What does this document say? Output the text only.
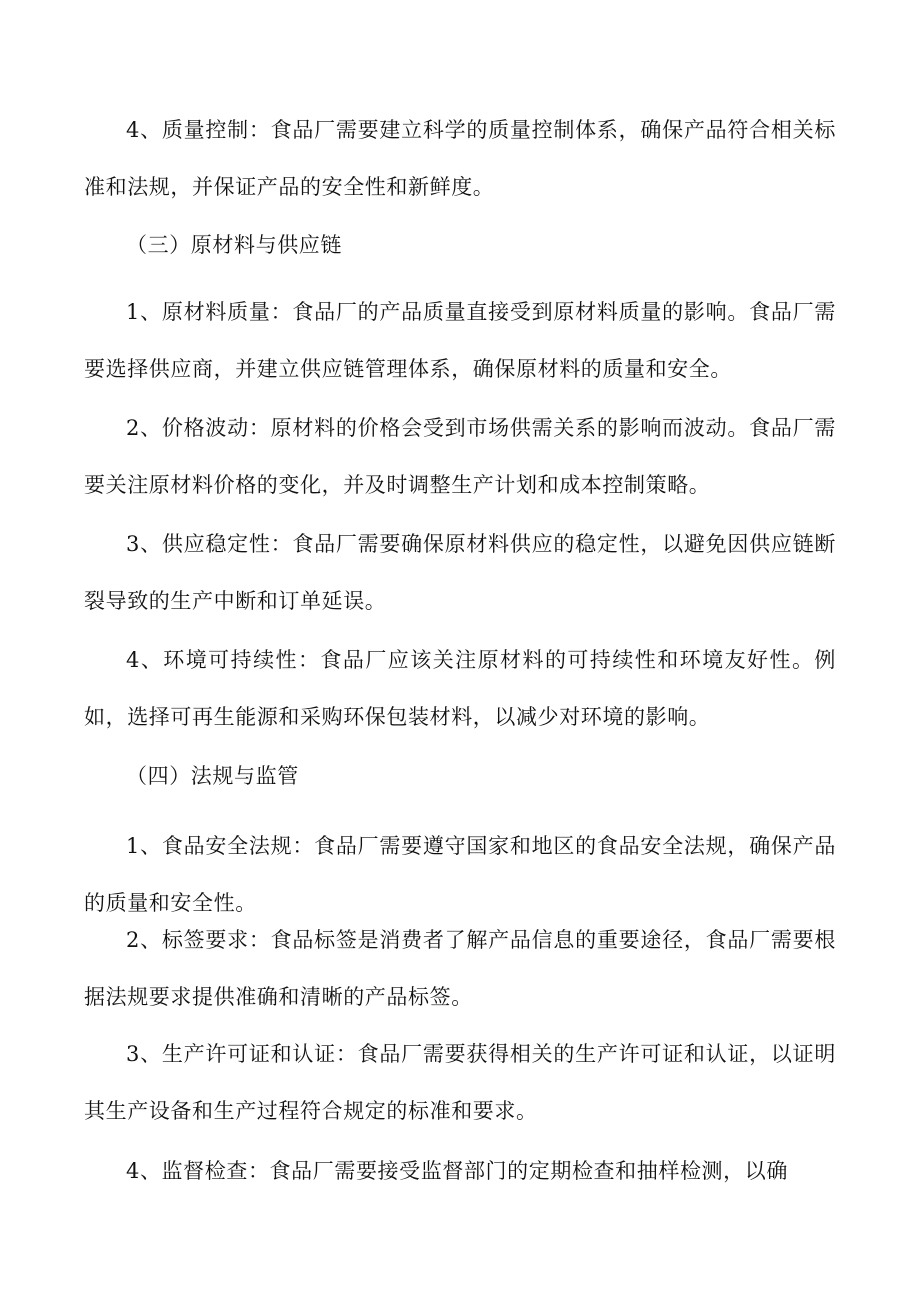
4、质量控制：食品厂需要建立科学的质量控制体系，确保产品符合相关标准和法规，并保证产品的安全性和新鲜度。

（三）原材料与供应链

1、原材料质量：食品厂的产品质量直接受到原材料质量的影响。食品厂需要选择供应商，并建立供应链管理体系，确保原材料的质量和安全。

2、价格波动：原材料的价格会受到市场供需关系的影响而波动。食品厂需要关注原材料价格的变化，并及时调整生产计划和成本控制策略。

3、供应稳定性：食品厂需要确保原材料供应的稳定性，以避免因供应链断裂导致的生产中断和订单延误。

4、环境可持续性：食品厂应该关注原材料的可持续性和环境友好性。例如，选择可再生能源和采购环保包装材料，以减少对环境的影响。

（四）法规与监管

1、食品安全法规：食品厂需要遵守国家和地区的食品安全法规，确保产品的质量和安全性。

2、标签要求：食品标签是消费者了解产品信息的重要途径，食品厂需要根据法规要求提供准确和清晰的产品标签。

3、生产许可证和认证：食品厂需要获得相关的生产许可证和认证，以证明其生产设备和生产过程符合规定的标准和要求。

4、监督检查：食品厂需要接受监督部门的定期检查和抽样检测，以确
